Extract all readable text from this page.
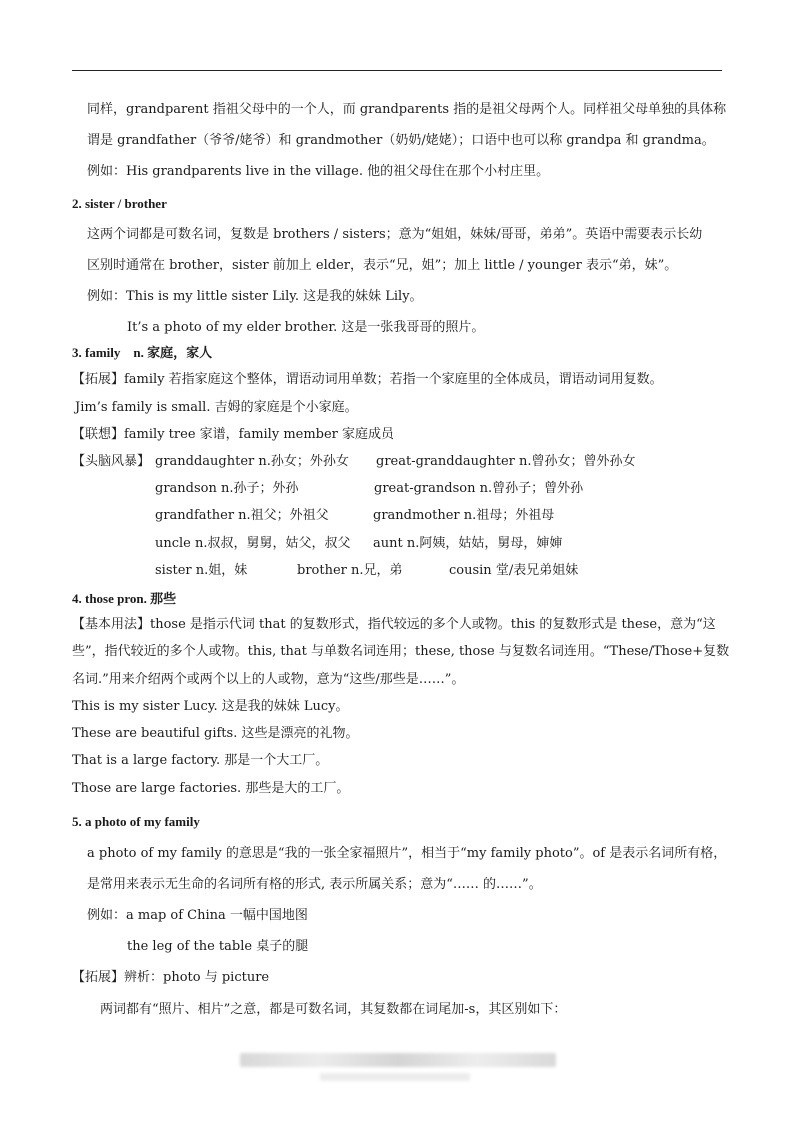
同样，grandparent 指祖父母中的一个人，而 grandparents 指的是祖父母两个人。同样祖父母单独的具体称
谓是 grandfather（爷爷/姥爷）和 grandmother（奶奶/姥姥）；口语中也可以称 grandpa 和 grandma。
例如：His grandparents live in the village. 他的祖父母住在那个小村庄里。
2. sister / brother
这两个词都是可数名词，复数是 brothers / sisters；意为“姐姐，妹妹/哥哥，弟弟”。英语中需要表示长幼
区别时通常在 brother，sister 前加上 elder，表示“兄，姐”；加上 little / younger 表示“弟，妹”。
例如：This is my little sister Lily. 这是我的妹妹 Lily。
It’s a photo of my elder brother. 这是一张我哥哥的照片。
3. family　n. 家庭，家人
【拓展】family 若指家庭这个整体，谓语动词用单数；若指一个家庭里的全体成员，谓语动词用复数。
Jim’s family is small. 吉姆的家庭是个小家庭。
【联想】family tree 家谱，family member 家庭成员
【头脑风暴】 granddaughter n.孙女；外孙女 great-granddaughter n.曾孙女；曾外孙女
grandson n.孙子；外孙	great-grandson n.曾孙子；曾外孙
grandfather n.祖父；外祖父	grandmother n.祖母；外祖母
uncle n.叔叔，舅舅，姑父，叔父 aunt n.阿姨，姑姑，舅母，婶婶
sister n.姐，妹	brother n.兄，弟	cousin 堂/表兄弟姐妹
4. those pron. 那些
【基本用法】those 是指示代词 that 的复数形式，指代较远的多个人或物。this 的复数形式是 these，意为“这
些”，指代较近的多个人或物。this, that 与单数名词连用；these, those 与复数名词连用。“These/Those+复数
名词.”用来介绍两个或两个以上的人或物，意为“这些/那些是……”。
This is my sister Lucy. 这是我的妹妹 Lucy。
These are beautiful gifts. 这些是漂亮的礼物。
That is a large factory. 那是一个大工厂。
Those are large factories. 那些是大的工厂。
5. a photo of my family
a photo of my family 的意思是“我的一张全家福照片”，相当于“my family photo”。of 是表示名词所有格，
是常用来表示无生命的名词所有格的形式, 表示所属关系；意为“…… 的……”。
例如：a map of China 一幅中国地图
the leg of the table 桌子的腿
【拓展】辨析：photo 与 picture
两词都有“照片、相片”之意，都是可数名词，其复数都在词尾加-s，其区别如下：
